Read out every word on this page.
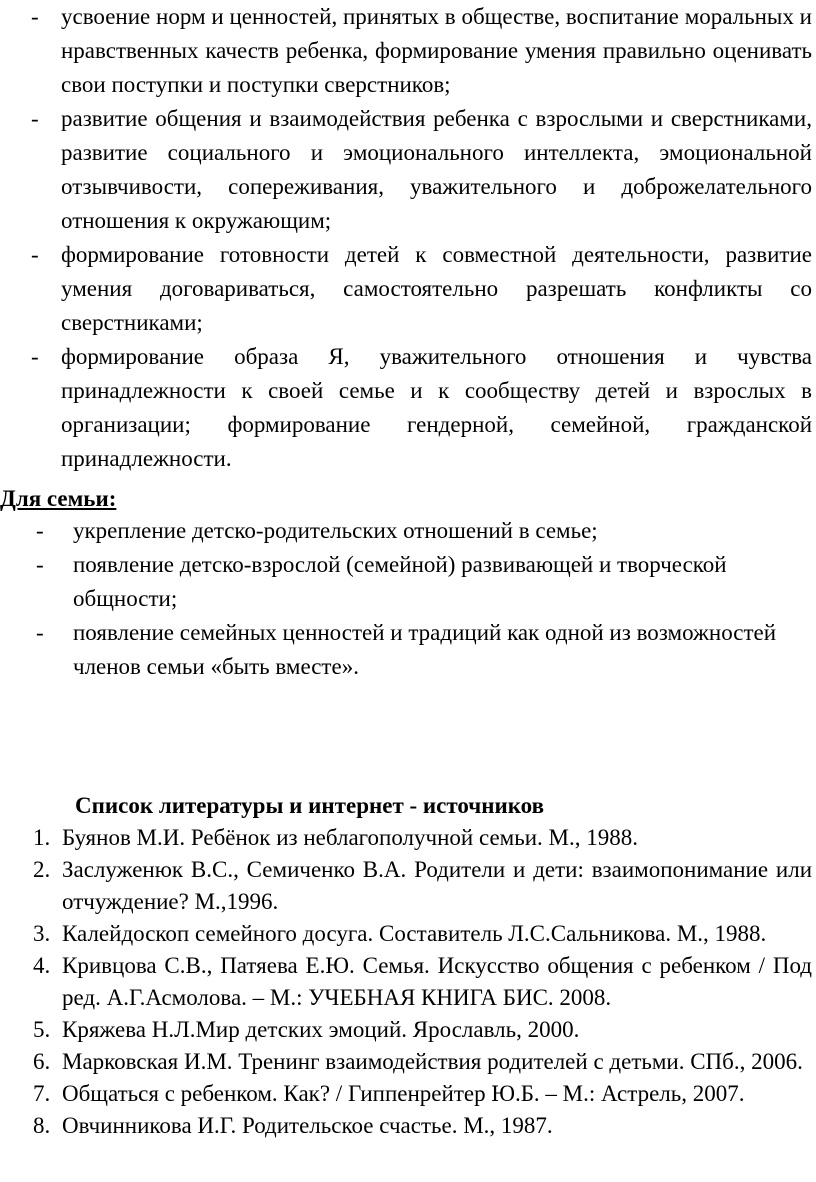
- усвоение норм и ценностей, принятых в обществе, воспитание моральных и нравственных качеств ребенка, формирование умения правильно оценивать свои поступки и поступки сверстников;
- развитие общения и взаимодействия ребенка с взрослыми и сверстниками, развитие социального и эмоционального интеллекта, эмоциональной отзывчивости, сопереживания, уважительного и доброжелательного отношения к окружающим;
- формирование готовности детей к совместной деятельности, развитие умения договариваться, самостоятельно разрешать конфликты со сверстниками;
- формирование образа Я, уважительного отношения и чувства принадлежности к своей семье и к сообществу детей и взрослых в организации; формирование гендерной, семейной, гражданской принадлежности.
Для семьи:
- укрепление детско-родительских отношений в семье;
- появление детско-взрослой (семейной) развивающей и творческой общности;
- появление семейных ценностей и традиций как одной из возможностей членов семьи «быть вместе».
Список литературы и интернет - источников
1. Буянов М.И. Ребёнок из неблагополучной семьи. М., 1988.
2. Заслуженюк В.С., Семиченко В.А. Родители и дети: взаимопонимание или отчуждение? М.,1996.
3. Калейдоскоп семейного досуга. Составитель Л.С.Сальникова. М., 1988.
4. Кривцова С.В., Патяева Е.Ю. Семья. Искусство общения с ребенком / Под ред. А.Г.Асмолова. – М.: УЧЕБНАЯ КНИГА БИС. 2008.
5. Кряжева Н.Л.Мир детских эмоций. Ярославль, 2000.
6. Марковская И.М. Тренинг взаимодействия родителей с детьми. СПб., 2006.
7. Общаться с ребенком. Как? / Гиппенрейтер Ю.Б. – М.: Астрель, 2007.
8. Овчинникова И.Г. Родительское счастье. М., 1987.
